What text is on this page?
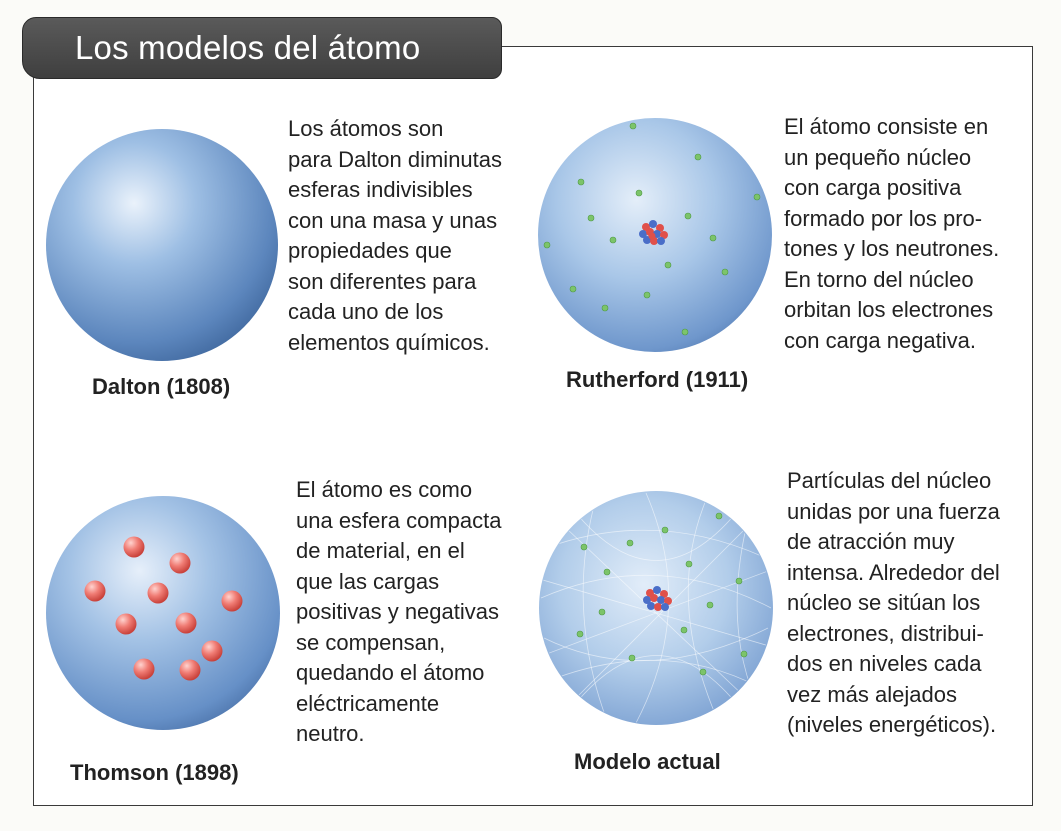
Los modelos del átomo
Dalton (1808)
Los átomos son
para Dalton diminutas
esferas indivisibles
con una masa y unas
propiedades que
son diferentes para
cada uno de los
elementos químicos.
Rutherford (1911)
El átomo consiste en
un pequeño núcleo
con carga positiva
formado por los pro-
tones y los neutrones.
En torno del núcleo
orbitan los electrones
con carga negativa.
Thomson (1898)
El átomo es como
una esfera compacta
de material, en el
que las cargas
positivas y negativas
se compensan,
quedando el átomo
eléctricamente
neutro.
Modelo actual
Partículas del núcleo
unidas por una fuerza
de atracción muy
intensa. Alrededor del
núcleo se sitúan los
electrones, distribui-
dos en niveles cada
vez más alejados
(niveles energéticos).
